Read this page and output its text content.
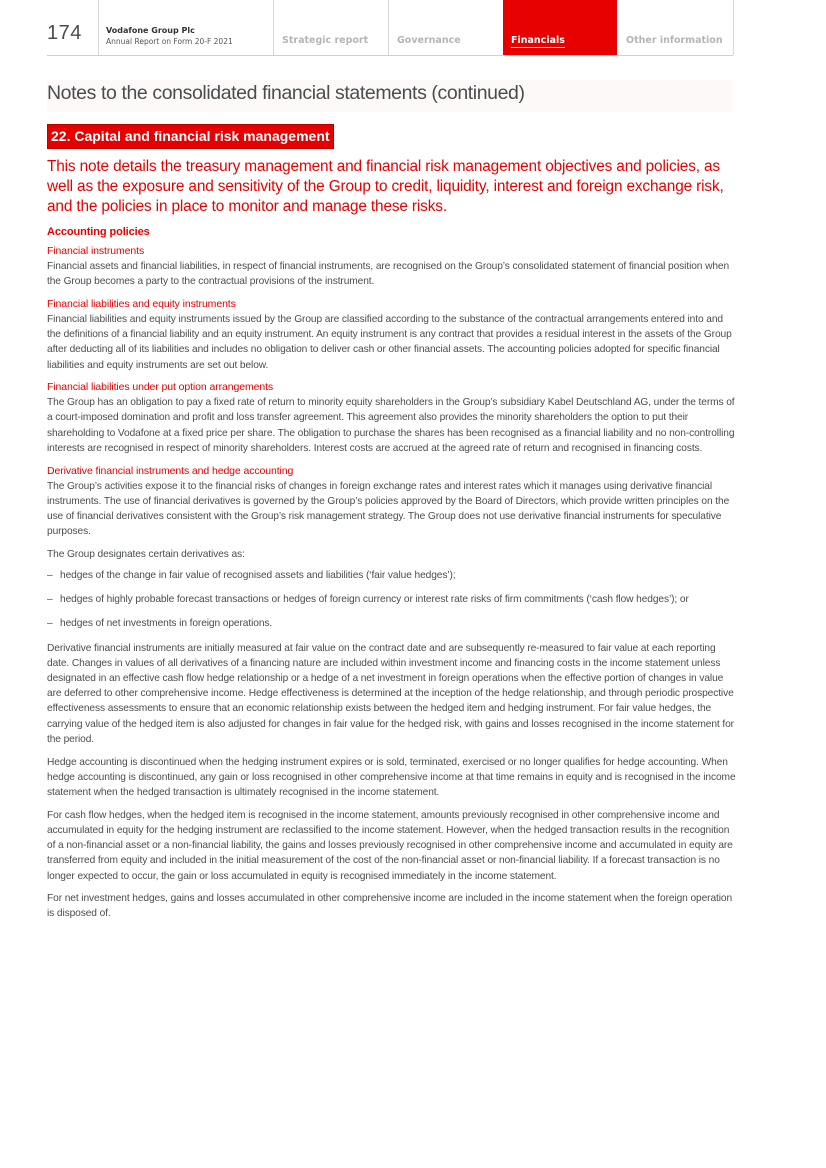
174	Vodafone Group Plc
Annual Report on Form 20-F 2021	Strategic report	Governance	Financials	Other information
Notes to the consolidated financial statements (continued)
22. Capital and financial risk management
This note details the treasury management and financial risk management objectives and policies, as well as the exposure and sensitivity of the Group to credit, liquidity, interest and foreign exchange risk, and the policies in place to monitor and manage these risks.
Accounting policies
Financial instruments

Financial assets and financial liabilities, in respect of financial instruments, are recognised on the Group’s consolidated statement of financial position when the Group becomes a party to the contractual provisions of the instrument.

Financial liabilities and equity instruments

Financial liabilities and equity instruments issued by the Group are classified according to the substance of the contractual arrangements entered into and the definitions of a financial liability and an equity instrument. An equity instrument is any contract that provides a residual interest in the assets of the Group after deducting all of its liabilities and includes no obligation to deliver cash or other financial assets. The accounting policies adopted for specific financial liabilities and equity instruments are set out below.

Financial liabilities under put option arrangements

The Group has an obligation to pay a fixed rate of return to minority equity shareholders in the Group’s subsidiary Kabel Deutschland AG, under the terms of a court-imposed domination and profit and loss transfer agreement. This agreement also provides the minority shareholders the option to put their shareholding to Vodafone at a fixed price per share. The obligation to purchase the shares has been recognised as a financial liability and no non-controlling interests are recognised in respect of minority shareholders. Interest costs are accrued at the agreed rate of return and recognised in financing costs.

Derivative financial instruments and hedge accounting

The Group’s activities expose it to the financial risks of changes in foreign exchange rates and interest rates which it manages using derivative financial instruments. The use of financial derivatives is governed by the Group’s policies approved by the Board of Directors, which provide written principles on the use of financial derivatives consistent with the Group’s risk management strategy. The Group does not use derivative financial instruments for speculative purposes.

The Group designates certain derivatives as:

– hedges of the change in fair value of recognised assets and liabilities (‘fair value hedges’);
– hedges of highly probable forecast transactions or hedges of foreign currency or interest rate risks of firm commitments (‘cash flow hedges’); or
– hedges of net investments in foreign operations.

Derivative financial instruments are initially measured at fair value on the contract date and are subsequently re-measured to fair value at each reporting date. Changes in values of all derivatives of a financing nature are included within investment income and financing costs in the income statement unless designated in an effective cash flow hedge relationship or a hedge of a net investment in foreign operations when the effective portion of changes in value are deferred to other comprehensive income. Hedge effectiveness is determined at the inception of the hedge relationship, and through periodic prospective effectiveness assessments to ensure that an economic relationship exists between the hedged item and hedging instrument. For fair value hedges, the carrying value of the hedged item is also adjusted for changes in fair value for the hedged risk, with gains and losses recognised in the income statement for the period.

Hedge accounting is discontinued when the hedging instrument expires or is sold, terminated, exercised or no longer qualifies for hedge accounting. When hedge accounting is discontinued, any gain or loss recognised in other comprehensive income at that time remains in equity and is recognised in the income statement when the hedged transaction is ultimately recognised in the income statement.

For cash flow hedges, when the hedged item is recognised in the income statement, amounts previously recognised in other comprehensive income and accumulated in equity for the hedging instrument are reclassified to the income statement. However, when the hedged transaction results in the recognition of a non-financial asset or a non-financial liability, the gains and losses previously recognised in other comprehensive income and accumulated in equity are transferred from equity and included in the initial measurement of the cost of the non-financial asset or non-financial liability. If a forecast transaction is no longer expected to occur, the gain or loss accumulated in equity is recognised immediately in the income statement.

For net investment hedges, gains and losses accumulated in other comprehensive income are included in the income statement when the foreign operation is disposed of.
